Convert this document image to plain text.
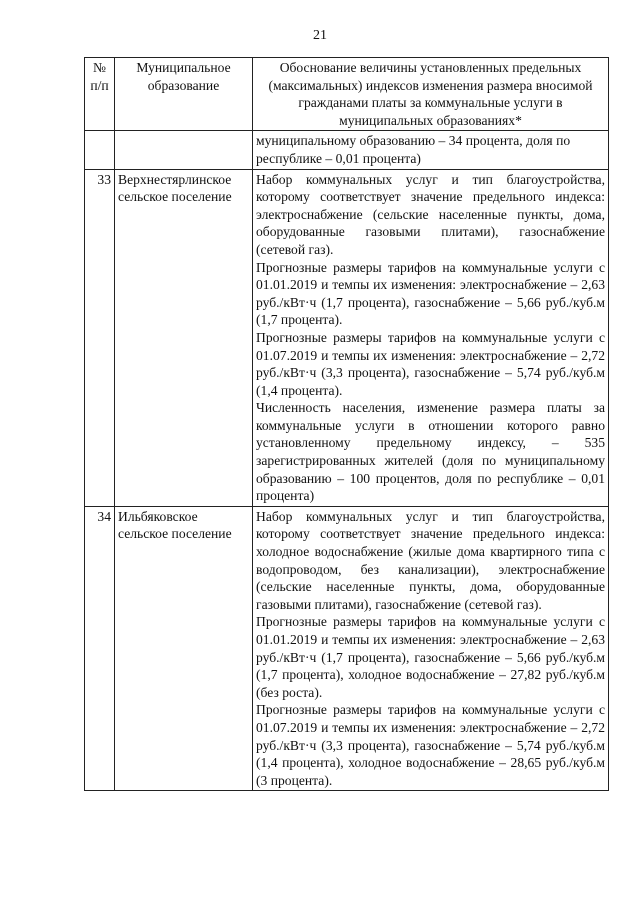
21
№ п/п	Муниципальное образование	Обоснование величины установленных предельных (максимальных) индексов изменения размера вносимой гражданами платы за коммунальные услуги в муниципальных образованиях*

		муниципальному образованию – 34 процента, доля по республике – 0,01 процента)

33	Верхнестярлинское сельское поселение	Набор коммунальных услуг и тип благоустройства, которому соответствует значение предельного индекса: электроснабжение (сельские населенные пункты, дома, оборудованные газовыми плитами), газоснабжение (сетевой газ).

Прогнозные размеры тарифов на коммунальные услуги с 01.01.2019 и темпы их изменения: электроснабжение – 2,63 руб./кВт·ч (1,7 процента), газоснабжение – 5,66 руб./куб.м (1,7 процента).

Прогнозные размеры тарифов на коммунальные услуги с 01.07.2019 и темпы их изменения: электроснабжение – 2,72 руб./кВт·ч (3,3 процента), газоснабжение – 5,74 руб./куб.м (1,4 процента).

Численность населения, изменение размера платы за коммунальные услуги в отношении которого равно установленному предельному индексу, – 535 зарегистрированных жителей (доля по муниципальному образованию – 100 процентов, доля по республике – 0,01 процента)

34	Ильбяковское сельское поселение	Набор коммунальных услуг и тип благоустройства, которому соответствует значение предельного индекса: холодное водоснабжение (жилые дома квартирного типа с водопроводом, без канализации), электроснабжение (сельские населенные пункты, дома, оборудованные газовыми плитами), газоснабжение (сетевой газ).

Прогнозные размеры тарифов на коммунальные услуги с 01.01.2019 и темпы их изменения: электроснабжение – 2,63 руб./кВт·ч (1,7 процента), газоснабжение – 5,66 руб./куб.м (1,7 процента), холодное водоснабжение – 27,82 руб./куб.м (без роста).

Прогнозные размеры тарифов на коммунальные услуги с 01.07.2019 и темпы их изменения: электроснабжение – 2,72 руб./кВт·ч (3,3 процента), газоснабжение – 5,74 руб./куб.м (1,4 процента), холодное водоснабжение – 28,65 руб./куб.м (3 процента).
